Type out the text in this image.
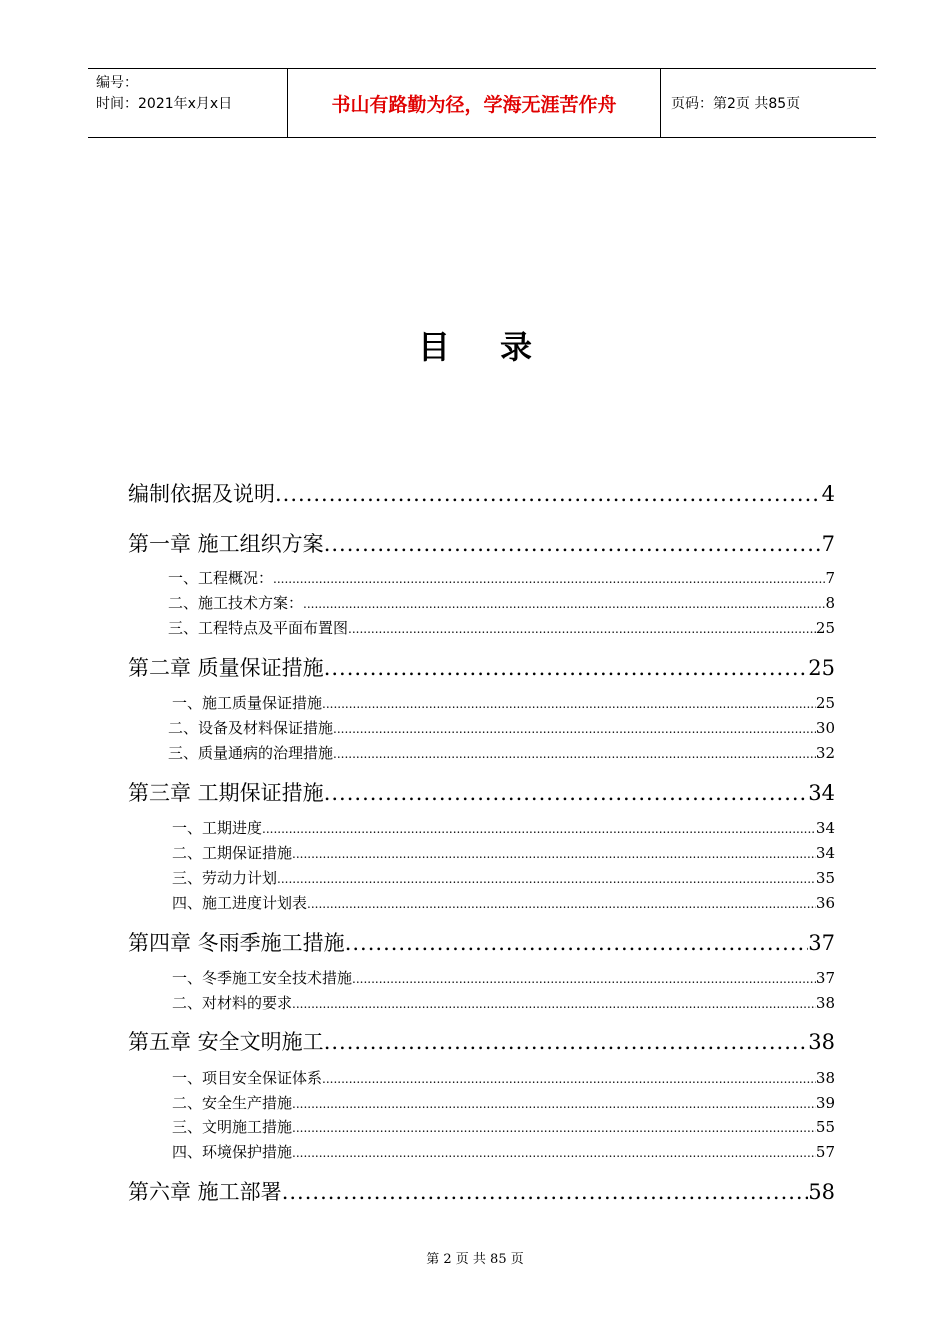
编号：
时间：2021年x月x日	书山有路勤为径，学海无涯苦作舟	页码：第2页 共85页
目录
编制依据及说明 .....	4
第一章 施工组织方案 .....	7
一、工程概况： .....	7
二、施工技术方案： .....	8
三、工程特点及平面布置图 .....	25
第二章 质量保证措施 .....	25
一、施工质量保证措施 .....	25
二、设备及材料保证措施 .....	30
三、质量通病的治理措施 .....	32
第三章 工期保证措施 .....	34
一、工期进度 .....	34
二、工期保证措施 .....	34
三、劳动力计划 .....	35
四、施工进度计划表 .....	36
第四章 冬雨季施工措施 .....	37
一、冬季施工安全技术措施 .....	37
二、对材料的要求 .....	38
第五章 安全文明施工 .....	38
一、项目安全保证体系 .....	38
二、安全生产措施 .....	39
三、文明施工措施 .....	55
四、环境保护措施 .....	57
第六章 施工部署 .....	58
第 2 页 共 85 页
